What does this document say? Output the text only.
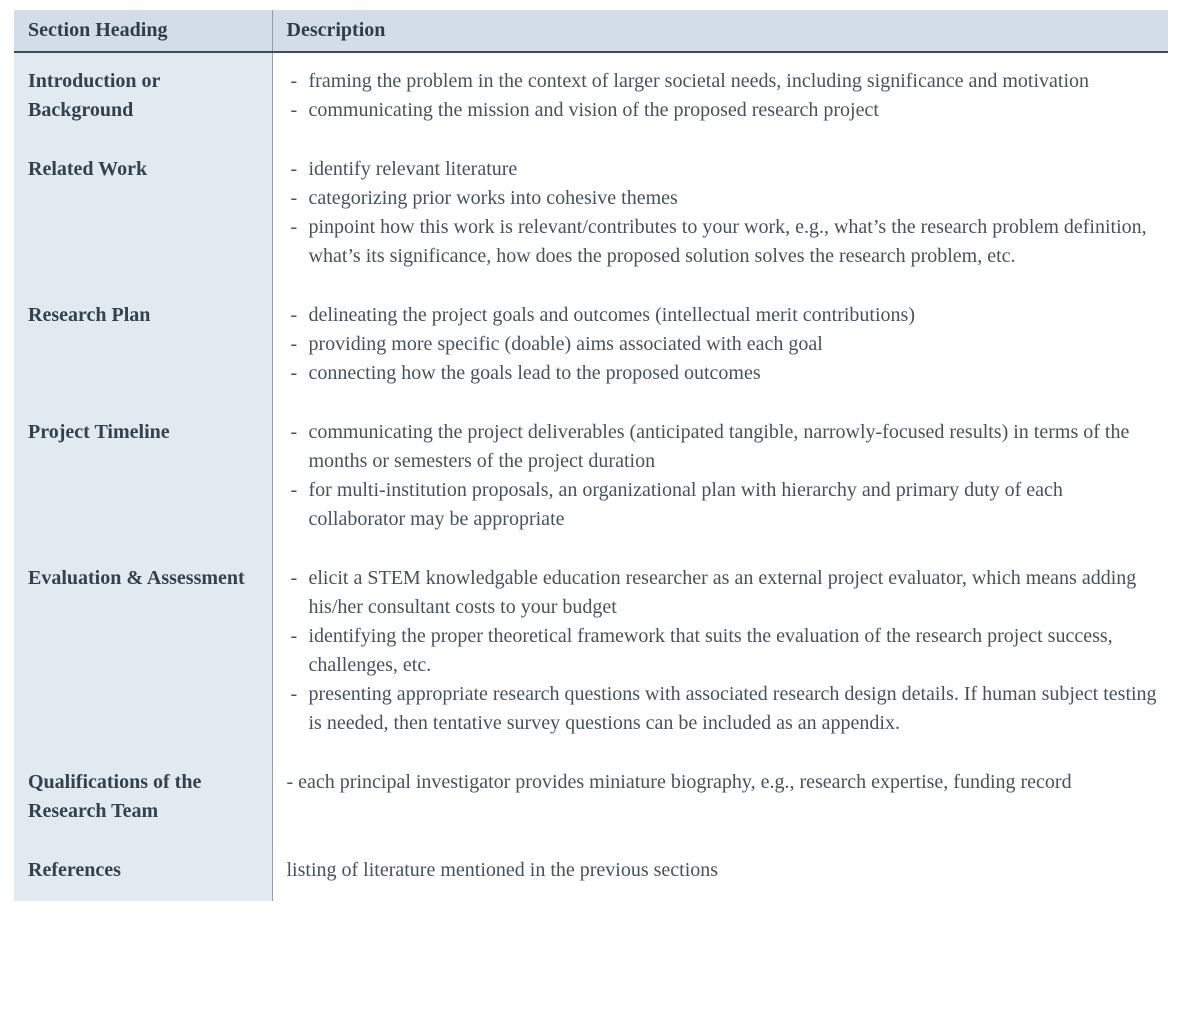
Section Heading	Description
Introduction or Background	
- framing the problem in the context of larger societal needs, including significance and motivation
- communicating the mission and vision of the proposed research project

Related Work	
-identify relevant literature
- categorizing prior works into cohesive themes
- pinpoint how this work is relevant/contributes to your work, e.g., what’s the research problem definition, what’s its significance, how does the proposed solution solves the research problem, etc.

Research Plan	
-delineating the project goals and outcomes (intellectual merit contributions)
- providing more specific (doable) aims associated with each goal
- connecting how the goals lead to the proposed outcomes

Project Timeline	
-communicating the project deliverables (anticipated tangible, narrowly-focused results) in terms of the months or semesters of the project duration
- for multi-institution proposals, an organizational plan with hierarchy and primary duty of each collaborator may be appropriate

Evaluation & Assessment	
-elicit a STEM knowledgable education researcher as an external project evaluator, which means adding his/her consultant costs to your budget
- identifying the proper theoretical framework that suits the evaluation of the research project success, challenges, etc.
- presenting appropriate research questions with associated research design details. If human subject testing is needed, then tentative survey questions can be included as an appendix.

Qualifications of the Research Team	- each principal investigator provides miniature biography, e.g., research expertise, funding record

References	listing of literature mentioned in the previous sections
